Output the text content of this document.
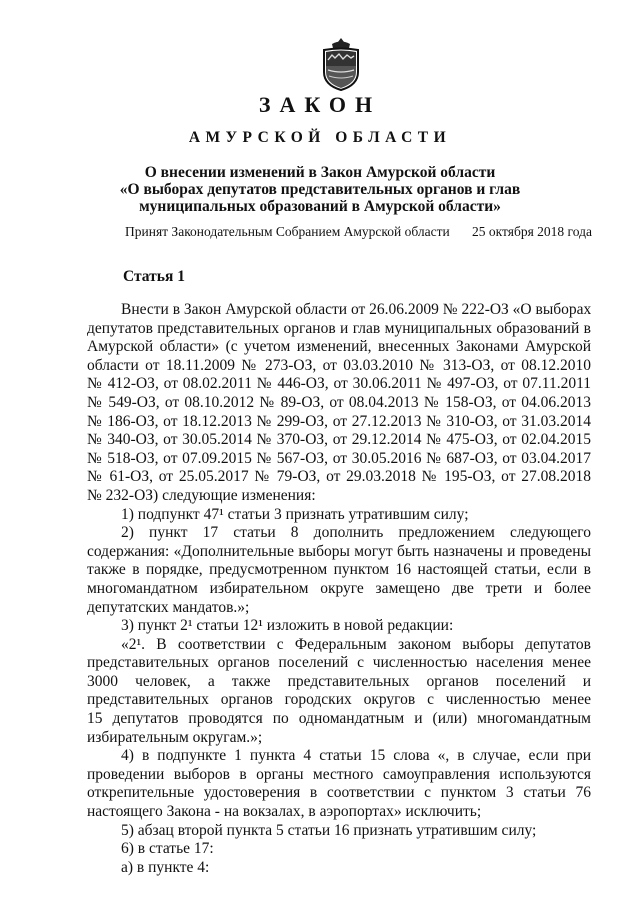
ЗАКОН
АМУРСКОЙ ОБЛАСТИ
О внесении изменений в Закон Амурской области
«О выборах депутатов представительных органов и глав
муниципальных образований в Амурской области»
Принят Законодательным Собранием Амурской области 25 октября 2018 года
Статья 1
Внести в Закон Амурской области от 26.06.2009 № 222-ОЗ «О выборах
депутатов представительных органов и глав муниципальных образований в
Амурской области» (с учетом изменений, внесенных Законами Амурской
области от 18.11.2009 № 273-ОЗ, от 03.03.2010 № 313-ОЗ, от 08.12.2010
№ 412-ОЗ, от 08.02.2011 № 446-ОЗ, от 30.06.2011 № 497-ОЗ, от 07.11.2011
№ 549-ОЗ, от 08.10.2012 № 89-ОЗ, от 08.04.2013 № 158-ОЗ, от 04.06.2013
№ 186-ОЗ, от 18.12.2013 № 299-ОЗ, от 27.12.2013 № 310-ОЗ, от 31.03.2014
№ 340-ОЗ, от 30.05.2014 № 370-ОЗ, от 29.12.2014 № 475-ОЗ, от 02.04.2015
№ 518-ОЗ, от 07.09.2015 № 567-ОЗ, от 30.05.2016 № 687-ОЗ, от 03.04.2017
№ 61-ОЗ, от 25.05.2017 № 79-ОЗ, от 29.03.2018 № 195-ОЗ, от 27.08.2018
№ 232-ОЗ) следующие изменения:
1) подпункт 47¹ статьи 3 признать утратившим силу;
2) пункт 17 статьи 8 дополнить предложением следующего
содержания: «Дополнительные выборы могут быть назначены и проведены
также в порядке, предусмотренном пунктом 16 настоящей статьи, если в
многомандатном избирательном округе замещено две трети и более
депутатских мандатов.»;
3) пункт 2¹ статьи 12¹ изложить в новой редакции:
«2¹. В соответствии с Федеральным законом выборы депутатов
представительных органов поселений с численностью населения менее
3000 человек, а также представительных органов поселений и
представительных органов городских округов с численностью менее
15 депутатов проводятся по одномандатным и (или) многомандатным
избирательным округам.»;
4) в подпункте 1 пункта 4 статьи 15 слова «, в случае, если при
проведении выборов в органы местного самоуправления используются
открепительные удостоверения в соответствии с пунктом 3 статьи 76
настоящего Закона - на вокзалах, в аэропортах» исключить;
5) абзац второй пункта 5 статьи 16 признать утратившим силу;
6) в статье 17:
а) в пункте 4:
